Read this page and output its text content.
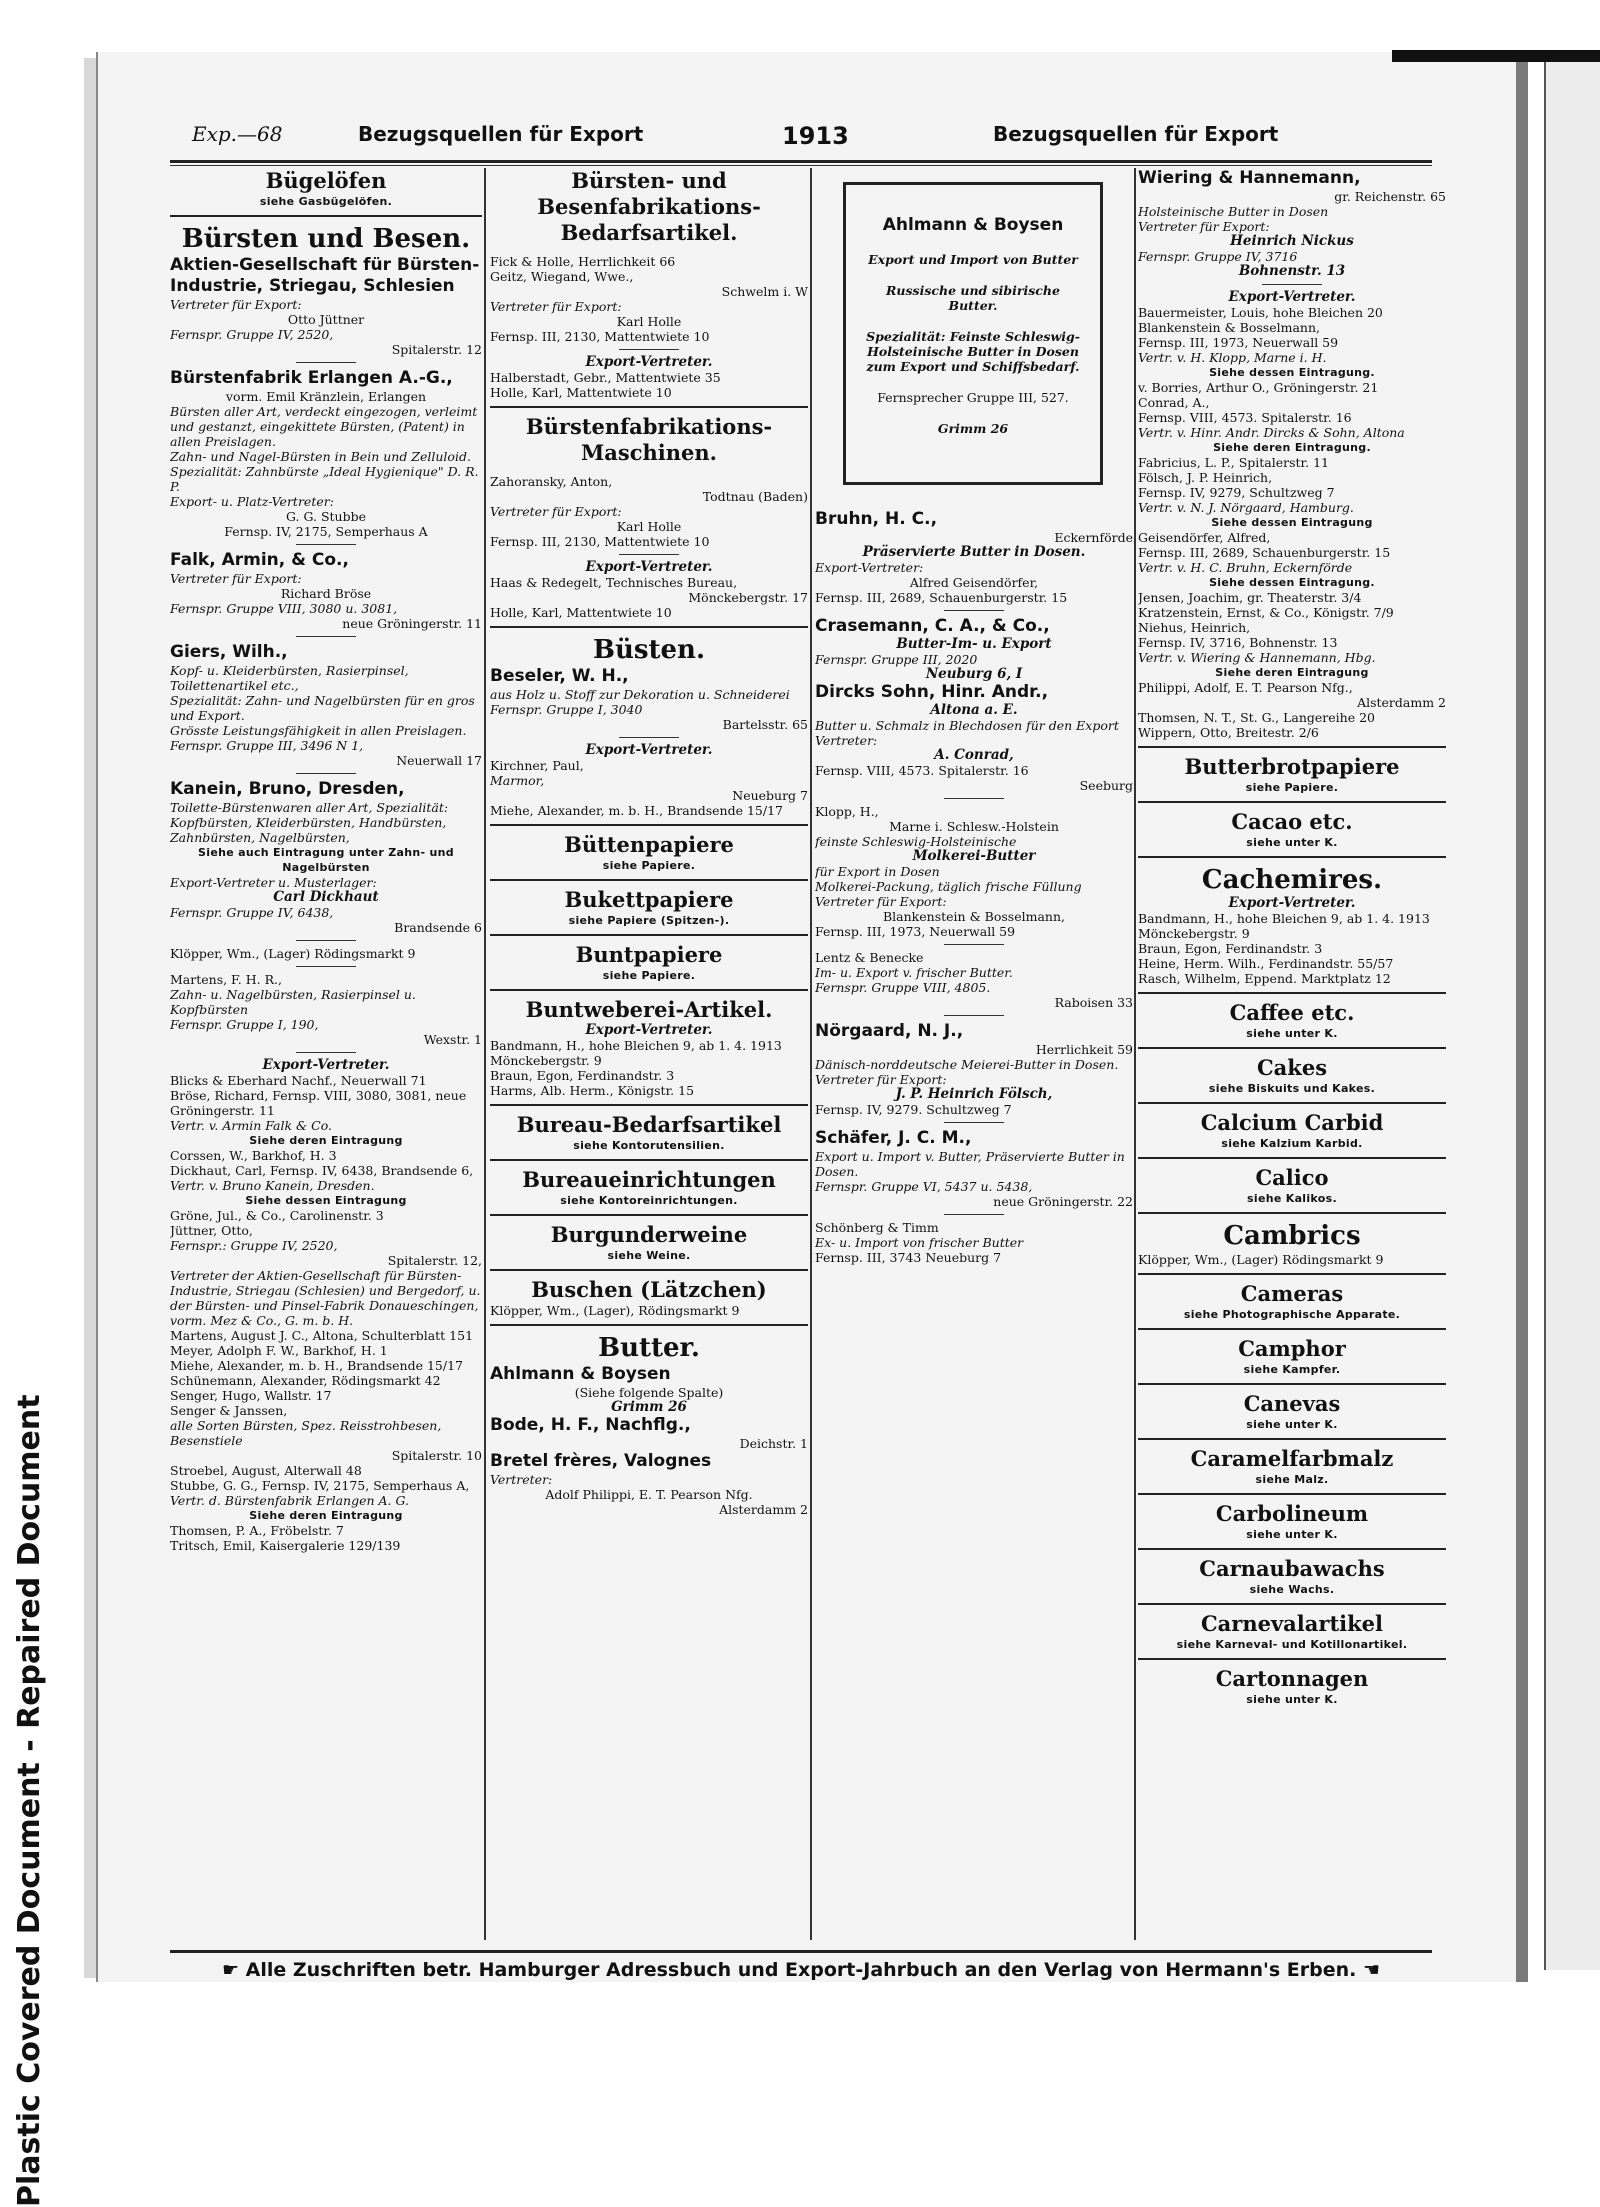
Plastic Covered Document - Repaired Document
Exp.—68	Bezugsquellen für Export	1913	Bezugsquellen für Export

Bügelöfen

siehe Gasbügelöfen.

Bürsten und Besen.

Aktien-Gesellschaft für Bürsten-Industrie, Striegau, Schlesien

Vertreter für Export:

Otto Jüttner

Fernspr. Gruppe IV, 2520,

Spitalerstr. 12

Bürstenfabrik Erlangen A.-G.,

vorm. Emil Kränzlein, Erlangen

Bürsten aller Art, verdeckt eingezogen, verleimt und gestanzt, eingekittete Bürsten, (Patent) in allen Preislagen.

Zahn- und Nagel-Bürsten in Bein und Zelluloid.

Spezialität: Zahnbürste „Ideal Hygienique" D. R. P.

Export- u. Platz-Vertreter:

G. G. Stubbe

Fernsp. IV, 2175, Semperhaus A

Falk, Armin, & Co.,

Vertreter für Export:

Richard Bröse

Fernspr. Gruppe VIII, 3080 u. 3081,

neue Gröningerstr. 11

Giers, Wilh.,

Kopf- u. Kleiderbürsten, Rasierpinsel, Toilettenartikel etc.,

Spezialität: Zahn- und Nagelbürsten für en gros und Export.

Grösste Leistungsfähigkeit in allen Preislagen.

Fernspr. Gruppe III, 3496 N 1,

Neuerwall 17

Kanein, Bruno, Dresden,

Toilette-Bürstenwaren aller Art, Spezialität: Kopfbürsten, Kleiderbürsten, Handbürsten, Zahnbürsten, Nagelbürsten,

Siehe auch Eintragung unter Zahn- und Nagelbürsten

Export-Vertreter u. Musterlager:

Carl Dickhaut

Fernspr. Gruppe IV, 6438,

Brandsende 6

Klöpper, Wm., (Lager) Rödingsmarkt 9

Martens, F. H. R.,

Zahn- u. Nagelbürsten, Rasierpinsel u. Kopfbürsten

Fernspr. Gruppe I, 190,

Wexstr. 1

Export-Vertreter.

Blicks & Eberhard Nachf., Neuerwall 71

Bröse, Richard, Fernsp. VIII, 3080, 3081, neue Gröningerstr. 11

Vertr. v. Armin Falk & Co.

Siehe deren Eintragung

Corssen, W., Barkhof, H. 3

Dickhaut, Carl, Fernsp. IV, 6438, Brandsende 6,

Vertr. v. Bruno Kanein, Dresden.

Siehe dessen Eintragung

Gröne, Jul., & Co., Carolinenstr. 3

Jüttner, Otto,

Fernspr.: Gruppe IV, 2520,

Spitalerstr. 12,

Vertreter der Aktien-Gesellschaft für Bürsten-Industrie, Striegau (Schlesien) und Bergedorf, u. der Bürsten- und Pinsel-Fabrik Donaueschingen, vorm. Mez & Co., G. m. b. H.

Martens, August J. C., Altona, Schulterblatt 151

Meyer, Adolph F. W., Barkhof, H. 1

Miehe, Alexander, m. b. H., Brandsende 15/17

Schünemann, Alexander, Rödingsmarkt 42

Senger, Hugo, Wallstr. 17

Senger & Janssen,

alle Sorten Bürsten, Spez. Reisstrohbesen, Besenstiele

Spitalerstr. 10

Stroebel, August, Alterwall 48

Stubbe, G. G., Fernsp. IV, 2175, Semperhaus A,

Vertr. d. Bürstenfabrik Erlangen A. G.

Siehe deren Eintragung

Thomsen, P. A., Fröbelstr. 7

Tritsch, Emil, Kaisergalerie 129/139

Bürsten- und Besenfabrikations-Bedarfsartikel.

Fick & Holle, Herrlichkeit 66

Geitz, Wiegand, Wwe.,

Schwelm i. W

Vertreter für Export:

Karl Holle

Fernsp. III, 2130, Mattentwiete 10

Export-Vertreter.

Halberstadt, Gebr., Mattentwiete 35

Holle, Karl, Mattentwiete 10

Bürstenfabrikations-Maschinen.

Zahoransky, Anton,

Todtnau (Baden)

Vertreter für Export:

Karl Holle

Fernsp. III, 2130, Mattentwiete 10

Export-Vertreter.

Haas & Redegelt, Technisches Bureau,

Mönckebergstr. 17

Holle, Karl, Mattentwiete 10

Büsten.

Beseler, W. H.,

aus Holz u. Stoff zur Dekoration u. Schneiderei

Fernspr. Gruppe I, 3040

Bartelsstr. 65

Export-Vertreter.

Kirchner, Paul,

Marmor,

Neueburg 7

Miehe, Alexander, m. b. H., Brandsende 15/17

Büttenpapiere

siehe Papiere.

Bukettpapiere

siehe Papiere (Spitzen-).

Buntpapiere

siehe Papiere.

Buntweberei-Artikel.

Export-Vertreter.

Bandmann, H., hohe Bleichen 9, ab 1. 4. 1913 Mönckebergstr. 9

Braun, Egon, Ferdinandstr. 3

Harms, Alb. Herm., Königstr. 15

Bureau-Bedarfsartikel

siehe Kontorutensilien.

Bureaueinrichtungen

siehe Kontoreinrichtungen.

Burgunderweine

siehe Weine.

Buschen (Lätzchen)

Klöpper, Wm., (Lager), Rödingsmarkt 9

Butter.

Ahlmann & Boysen

(Siehe folgende Spalte)

Grimm 26

Bode, H. F., Nachflg.,

Deichstr. 1

Bretel frères, Valognes

Vertreter:

Adolf Philippi, E. T. Pearson Nfg.

Alsterdamm 2

Ahlmann & Boysen

Export und Import von Butter

Russische und sibirische Butter.

Spezialität: Feinste Schleswig-Holsteinische Butter in Dosen zum Export und Schiffsbedarf.

Fernsprecher Gruppe III, 527.

Grimm 26

Bruhn, H. C.,

Eckernförde

Präservierte Butter in Dosen.

Export-Vertreter:

Alfred Geisendörfer,

Fernsp. III, 2689, Schauenburgerstr. 15

Crasemann, C. A., & Co.,

Butter-Im- u. Export

Fernspr. Gruppe III, 2020

Neuburg 6, I

Dircks Sohn, Hinr. Andr.,

Altona a. E.

Butter u. Schmalz in Blechdosen für den Export

Vertreter:

A. Conrad,

Fernsp. VIII, 4573. Spitalerstr. 16

Seeburg

Klopp, H.,

Marne i. Schlesw.-Holstein

feinste Schleswig-Holsteinische

Molkerei-Butter

für Export in Dosen

Molkerei-Packung, täglich frische Füllung

Vertreter für Export:

Blankenstein & Bosselmann,

Fernsp. III, 1973, Neuerwall 59

Lentz & Benecke

Im- u. Export v. frischer Butter.

Fernspr. Gruppe VIII, 4805.

Raboisen 33

Nörgaard, N. J.,

Herrlichkeit 59

Dänisch-norddeutsche Meierei-Butter in Dosen.

Vertreter für Export:

J. P. Heinrich Fölsch,

Fernsp. IV, 9279. Schultzweg 7

Schäfer, J. C. M.,

Export u. Import v. Butter, Präservierte Butter in Dosen.

Fernspr. Gruppe VI, 5437 u. 5438,

neue Gröningerstr. 22

Schönberg & Timm

Ex- u. Import von frischer Butter

Fernsp. III, 3743 Neueburg 7

Wiering & Hannemann,

gr. Reichenstr. 65

Holsteinische Butter in Dosen

Vertreter für Export:

Heinrich Nickus

Fernspr. Gruppe IV, 3716

Bohnenstr. 13

Export-Vertreter.

Bauermeister, Louis, hohe Bleichen 20

Blankenstein & Bosselmann,

Fernsp. III, 1973, Neuerwall 59

Vertr. v. H. Klopp, Marne i. H.

Siehe dessen Eintragung.

v. Borries, Arthur O., Gröningerstr. 21

Conrad, A.,

Fernsp. VIII, 4573. Spitalerstr. 16

Vertr. v. Hinr. Andr. Dircks & Sohn, Altona

Siehe deren Eintragung.

Fabricius, L. P., Spitalerstr. 11

Fölsch, J. P. Heinrich,

Fernsp. IV, 9279, Schultzweg 7

Vertr. v. N. J. Nörgaard, Hamburg.

Siehe dessen Eintragung

Geisendörfer, Alfred,

Fernsp. III, 2689, Schauenburgerstr. 15

Vertr. v. H. C. Bruhn, Eckernförde

Siehe dessen Eintragung.

Jensen, Joachim, gr. Theaterstr. 3/4

Kratzenstein, Ernst, & Co., Königstr. 7/9

Niehus, Heinrich,

Fernsp. IV, 3716, Bohnenstr. 13

Vertr. v. Wiering & Hannemann, Hbg.

Siehe deren Eintragung

Philippi, Adolf, E. T. Pearson Nfg.,

Alsterdamm 2

Thomsen, N. T., St. G., Langereihe 20

Wippern, Otto, Breitestr. 2/6

Butterbrotpapiere

siehe Papiere.

Cacao etc.

siehe unter K.

Cachemires.

Export-Vertreter.

Bandmann, H., hohe Bleichen 9, ab 1. 4. 1913 Mönckebergstr. 9

Braun, Egon, Ferdinandstr. 3

Heine, Herm. Wilh., Ferdinandstr. 55/57

Rasch, Wilhelm, Eppend. Marktplatz 12

Caffee etc.

siehe unter K.

Cakes

siehe Biskuits und Kakes.

Calcium Carbid

siehe Kalzium Karbid.

Calico

siehe Kalikos.

Cambrics

Klöpper, Wm., (Lager) Rödingsmarkt 9

Cameras

siehe Photographische Apparate.

Camphor

siehe Kampfer.

Canevas

siehe unter K.

Caramelfarbmalz

siehe Malz.

Carbolineum

siehe unter K.

Carnaubawachs

siehe Wachs.

Carnevalartikel

siehe Karneval- und Kotillonartikel.

Cartonnagen

siehe unter K.

☛ Alle Zuschriften betr. Hamburger Adressbuch und Export-Jahrbuch an den Verlag von Hermann's Erben. ☚
